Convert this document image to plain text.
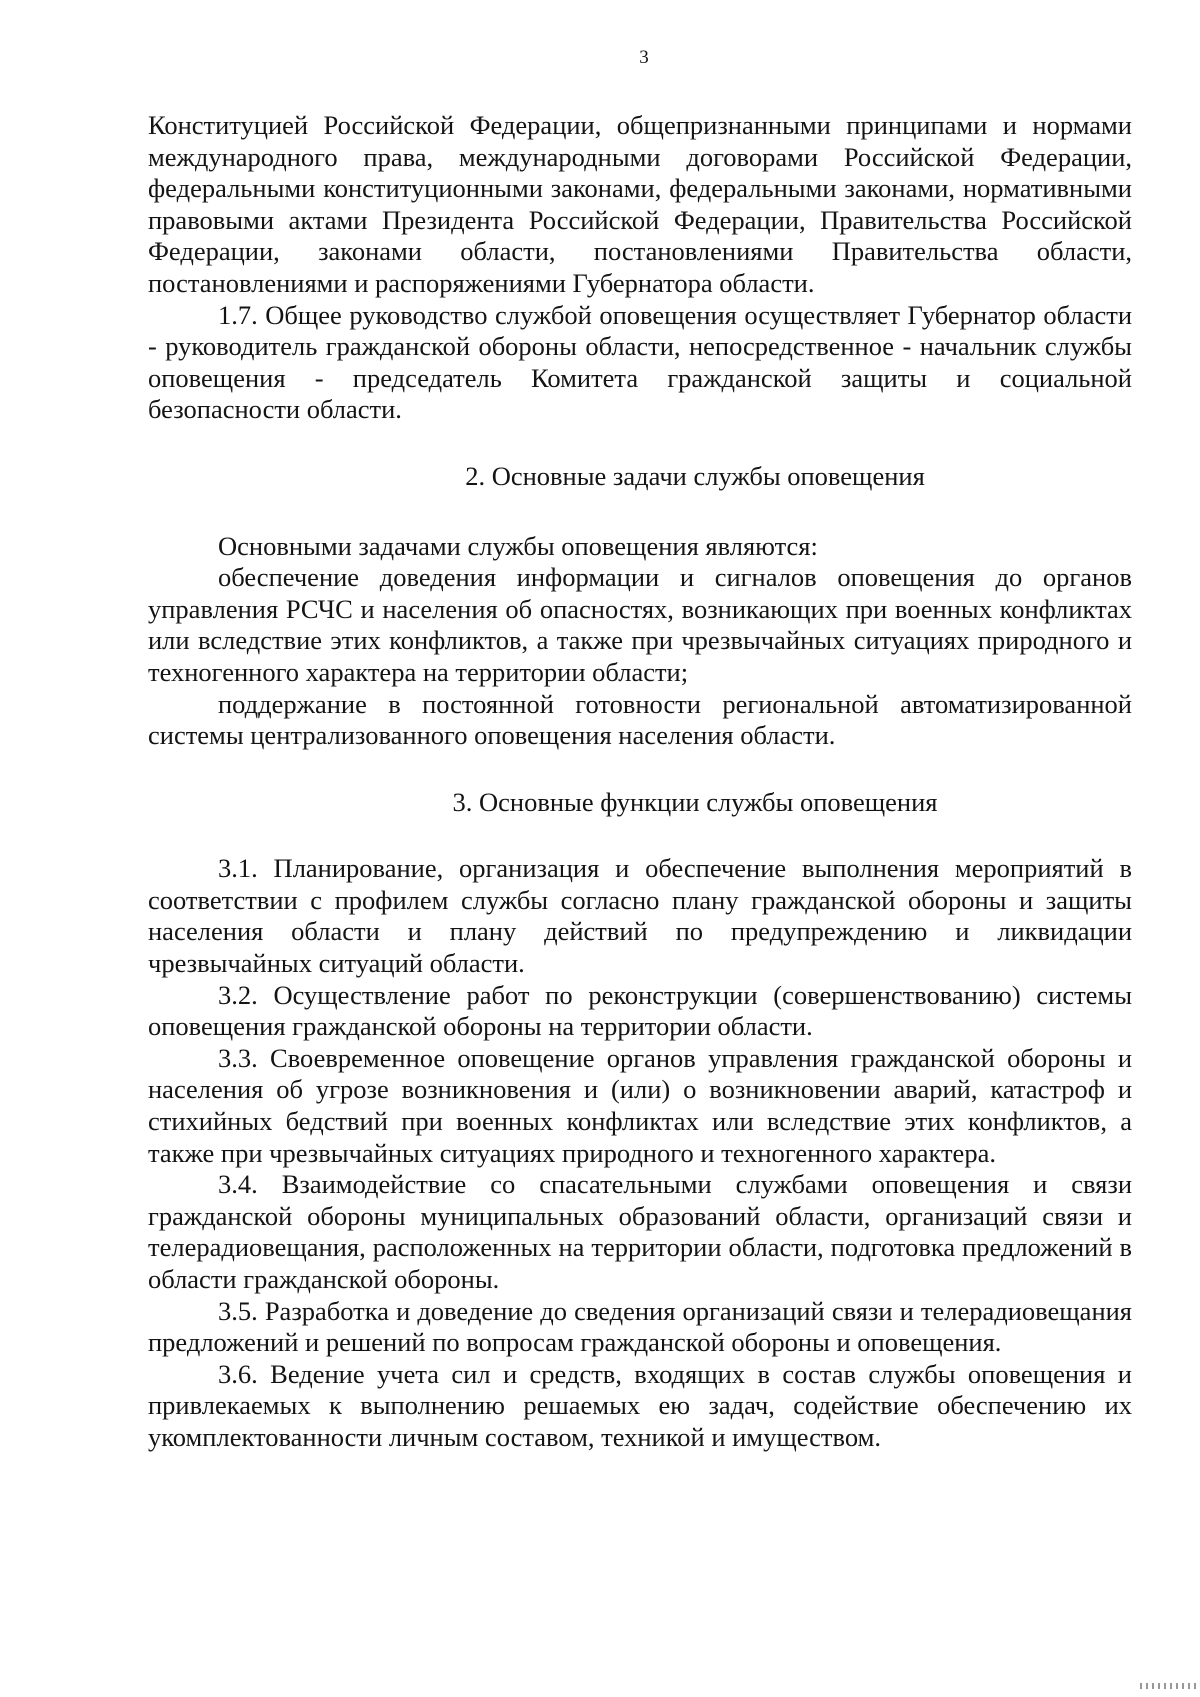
3

Конституцией Российской Федерации, общепризнанными принципами и нормами международного права, международными договорами Российской Федерации, федеральными конституционными законами, федеральными законами, нормативными правовыми актами Президента Российской Федерации, Правительства Российской Федерации, законами области, постановлениями Правительства области, постановлениями и распоряжениями Губернатора области.

1.7. Общее руководство службой оповещения осуществляет Губернатор области - руководитель гражданской обороны области, непосредственное - начальник службы оповещения - председатель Комитета гражданской защиты и социальной безопасности области.

2. Основные задачи службы оповещения

Основными задачами службы оповещения являются:

обеспечение доведения информации и сигналов оповещения до органов управления РСЧС и населения об опасностях, возникающих при военных конфликтах или вследствие этих конфликтов, а также при чрезвычайных ситуациях природного и техногенного характера на территории области;

поддержание в постоянной готовности региональной автоматизированной системы централизованного оповещения населения области.

3. Основные функции службы оповещения

3.1. Планирование, организация и обеспечение выполнения мероприятий в соответствии с профилем службы согласно плану гражданской обороны и защиты населения области и плану действий по предупреждению и ликвидации чрезвычайных ситуаций области.

3.2. Осуществление работ по реконструкции (совершенствованию) системы оповещения гражданской обороны на территории области.

3.3. Своевременное оповещение органов управления гражданской обороны и населения об угрозе возникновения и (или) о возникновении аварий, катастроф и стихийных бедствий при военных конфликтах или вследствие этих конфликтов, а также при чрезвычайных ситуациях природного и техногенного характера.

3.4. Взаимодействие со спасательными службами оповещения и связи гражданской обороны муниципальных образований области, организаций связи и телерадиовещания, расположенных на территории области, подготовка предложений в области гражданской обороны.

3.5. Разработка и доведение до сведения организаций связи и телерадиовещания предложений и решений по вопросам гражданской обороны и оповещения.

3.6. Ведение учета сил и средств, входящих в состав службы оповещения и привлекаемых к выполнению решаемых ею задач, содействие обеспечению их укомплектованности личным составом, техникой и имуществом.
